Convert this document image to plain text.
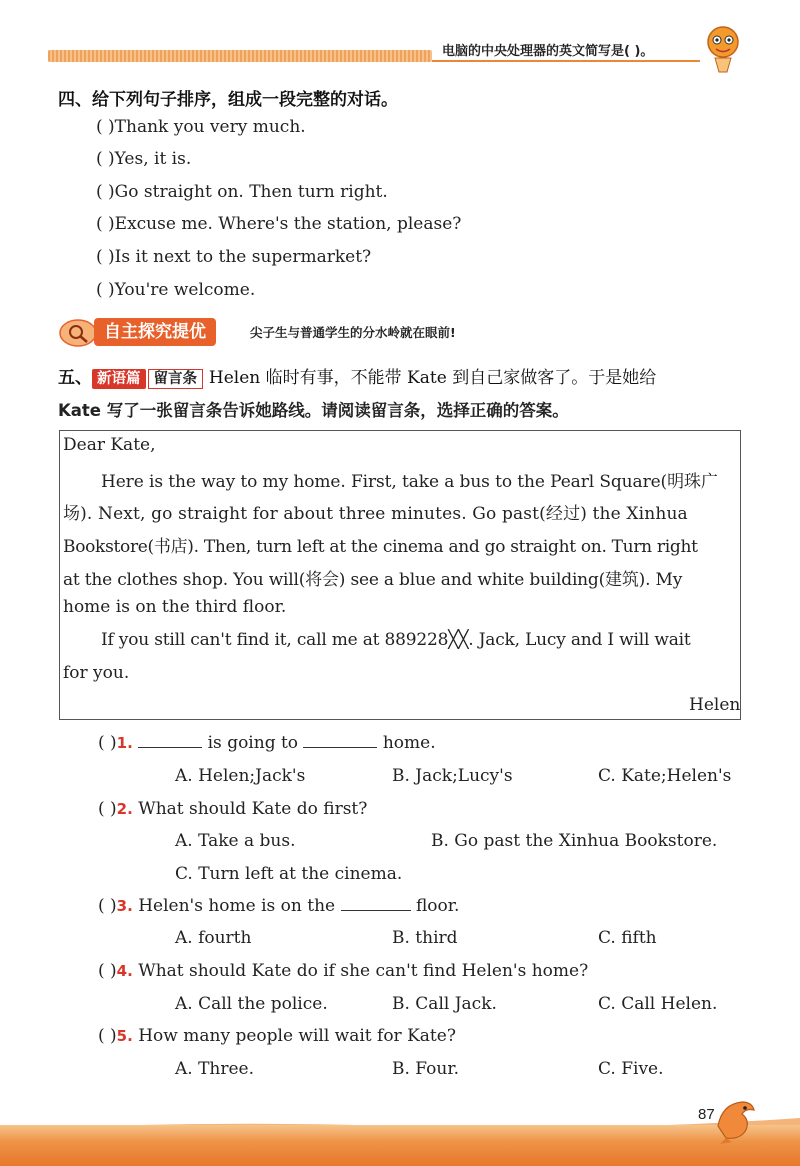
电脑的中央处理器的英文简写是( )。
四、给下列句子排序，组成一段完整的对话。
( )Thank you very much.
( )Yes, it is.
( )Go straight on. Then turn right.
( )Excuse me. Where's the station, please?
( )Is it next to the supermarket?
( )You're welcome.
自主探究提优	尖子生与普通学生的分水岭就在眼前!
五、 新语篇 留言条 Helen 临时有事，不能带 Kate 到自己家做客了。于是她给
Kate 写了一张留言条告诉她路线。请阅读留言条，选择正确的答案。
Dear Kate,
Here is the way to my home. First, take a bus to the Pearl Square(明珠广
场). Next, go straight for about three minutes. Go past(经过) the Xinhua
Bookstore(书店). Then, turn left at the cinema and go straight on. Turn right
at the clothes shop. You will(将会) see a blue and white building(建筑). My
home is on the third floor.
If you still can't find it, call me at 889228╳╳. Jack, Lucy and I will wait
for you.
Helen
( )1.	is going to	home.
A. Helen;Jack's	B. Jack;Lucy's	C. Kate;Helen's
( )2. What should Kate do first?
A. Take a bus.	B. Go past the Xinhua Bookstore.
C. Turn left at the cinema.
( )3. Helen's home is on the	floor.
A. fourth	B. third	C. fifth
( )4. What should Kate do if she can't find Helen's home?
A. Call the police.	B. Call Jack.	C. Call Helen.
( )5. How many people will wait for Kate?
A. Three.	B. Four.	C. Five.
87
